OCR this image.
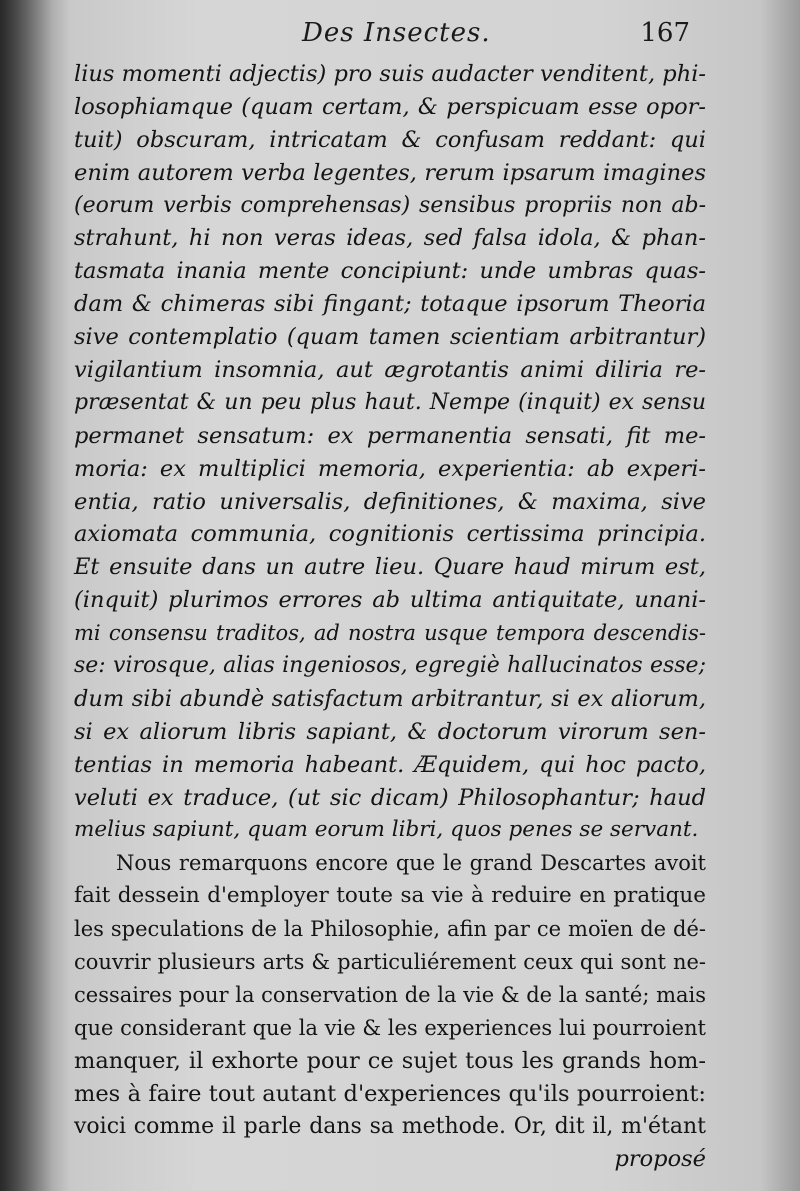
Des Insectes.	167
lius momenti adjectis) pro suis audacter venditent, phi-
losophiamque (quam certam, & perspicuam esse opor-
tuit) obscuram, intricatam & confusam reddant: qui
enim autorem verba legentes, rerum ipsarum imagines
(eorum verbis comprehensas) sensibus propriis non ab-
strahunt, hi non veras ideas, sed falsa idola, & phan-
tasmata inania mente concipiunt: unde umbras quas-
dam & chimeras sibi fingant; totaque ipsorum Theoria
sive contemplatio (quam tamen scientiam arbitrantur)
vigilantium insomnia, aut ægrotantis animi diliria re-
præsentat & un peu plus haut. Nempe (inquit) ex sensu
permanet sensatum: ex permanentia sensati, fit me-
moria: ex multiplici memoria, experientia: ab experi-
entia, ratio universalis, definitiones, & maxima, sive
axiomata communia, cognitionis certissima principia.
Et ensuite dans un autre lieu. Quare haud mirum est,
(inquit) plurimos errores ab ultima antiquitate, unani-
mi consensu traditos, ad nostra usque tempora descendis-
se: virosque, alias ingeniosos, egregiè hallucinatos esse;
dum sibi abundè satisfactum arbitrantur, si ex aliorum,
si ex aliorum libris sapiant, & doctorum virorum sen-
tentias in memoria habeant. Æquidem, qui hoc pacto,
veluti ex traduce, (ut sic dicam) Philosophantur; haud
melius sapiunt, quam eorum libri, quos penes se servant.
Nous remarquons encore que le grand Descartes avoit
fait dessein d'employer toute sa vie à reduire en pratique
les speculations de la Philosophie, afin par ce moïen de dé-
couvrir plusieurs arts & particuliérement ceux qui sont ne-
cessaires pour la conservation de la vie & de la santé; mais
que considerant que la vie & les experiences lui pourroient
manquer, il exhorte pour ce sujet tous les grands hom-
mes à faire tout autant d'experiences qu'ils pourroient:
voici comme il parle dans sa methode. Or, dit il, m'étant
proposé
